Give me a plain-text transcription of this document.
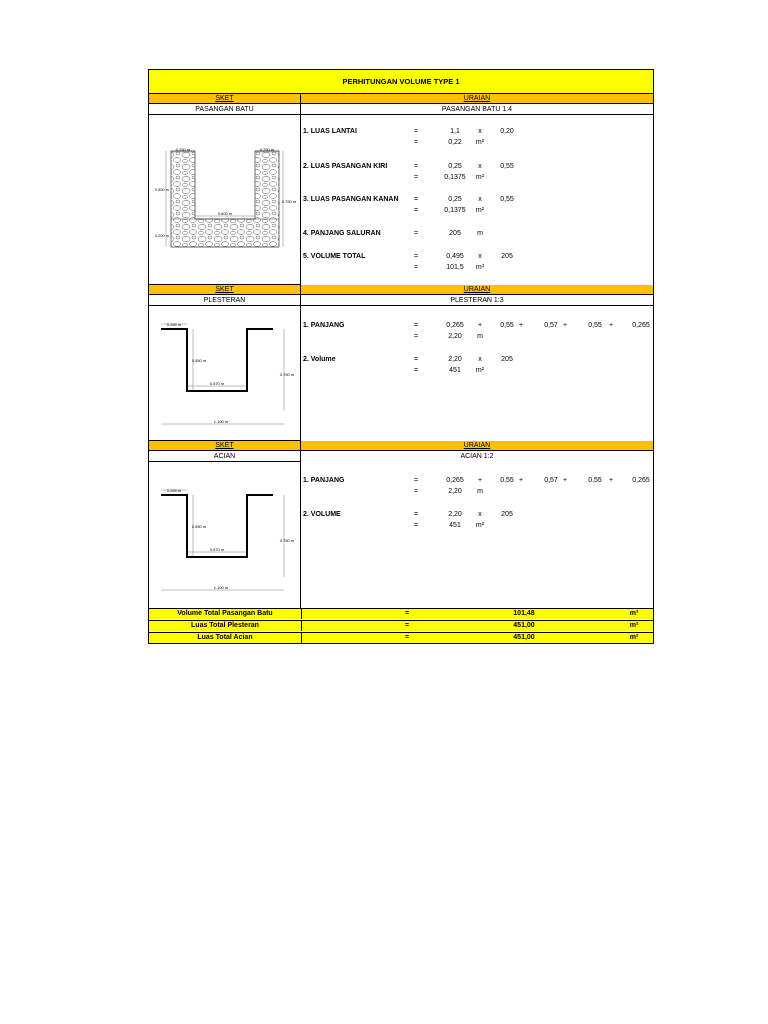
PERHITUNGAN VOLUME TYPE 1
SKET	URAIAN
PASANGAN BATU	PASANGAN BATU 1:4
0.250 m	0.250 m
0.550 m
0.600 m
0.750 m
0.200 m
1. LUAS LANTAI	=	1,1	x	0,20
=	0,22	m²
2. LUAS PASANGAN KIRI	=	0,25	x	0,55
=	0,1375	m²
3. LUAS PASANGAN KANAN	=	0,25	x	0,55
=	0,1375	m²
4. PANJANG SALURAN	=	205	m
5. VOLUME TOTAL	=	0,495	x	205
=	101,5	m³
SKET	URAIAN
PLESTERAN	PLESTERAN 1:3
0.265 m
0.550 m
0.570 m
0.750 m
1.100 m
1. PANJANG	=	0,265	+	0,55 +	0,57 +	0,55	+	0,265
=	2,20	m
2. Volume	=	2,20	x	205
=	451	m²
SKET	URAIAN
ACIAN	ACIAN 1:2
0.265 m
0.550 m
0.570 m
0.750 m
1.100 m
1. PANJANG	=	0,265	+	0,55 +	0,57 +	0,55	+	0,265
=	2,20	m
2. VOLUME	=	2,20	x	205
=	451	m²
Volume Total Pasangan Batu	=	101,48	m³
Luas Total Plesteran	=	451,00	m²
Luas Total Acian	=	451,00	m²
